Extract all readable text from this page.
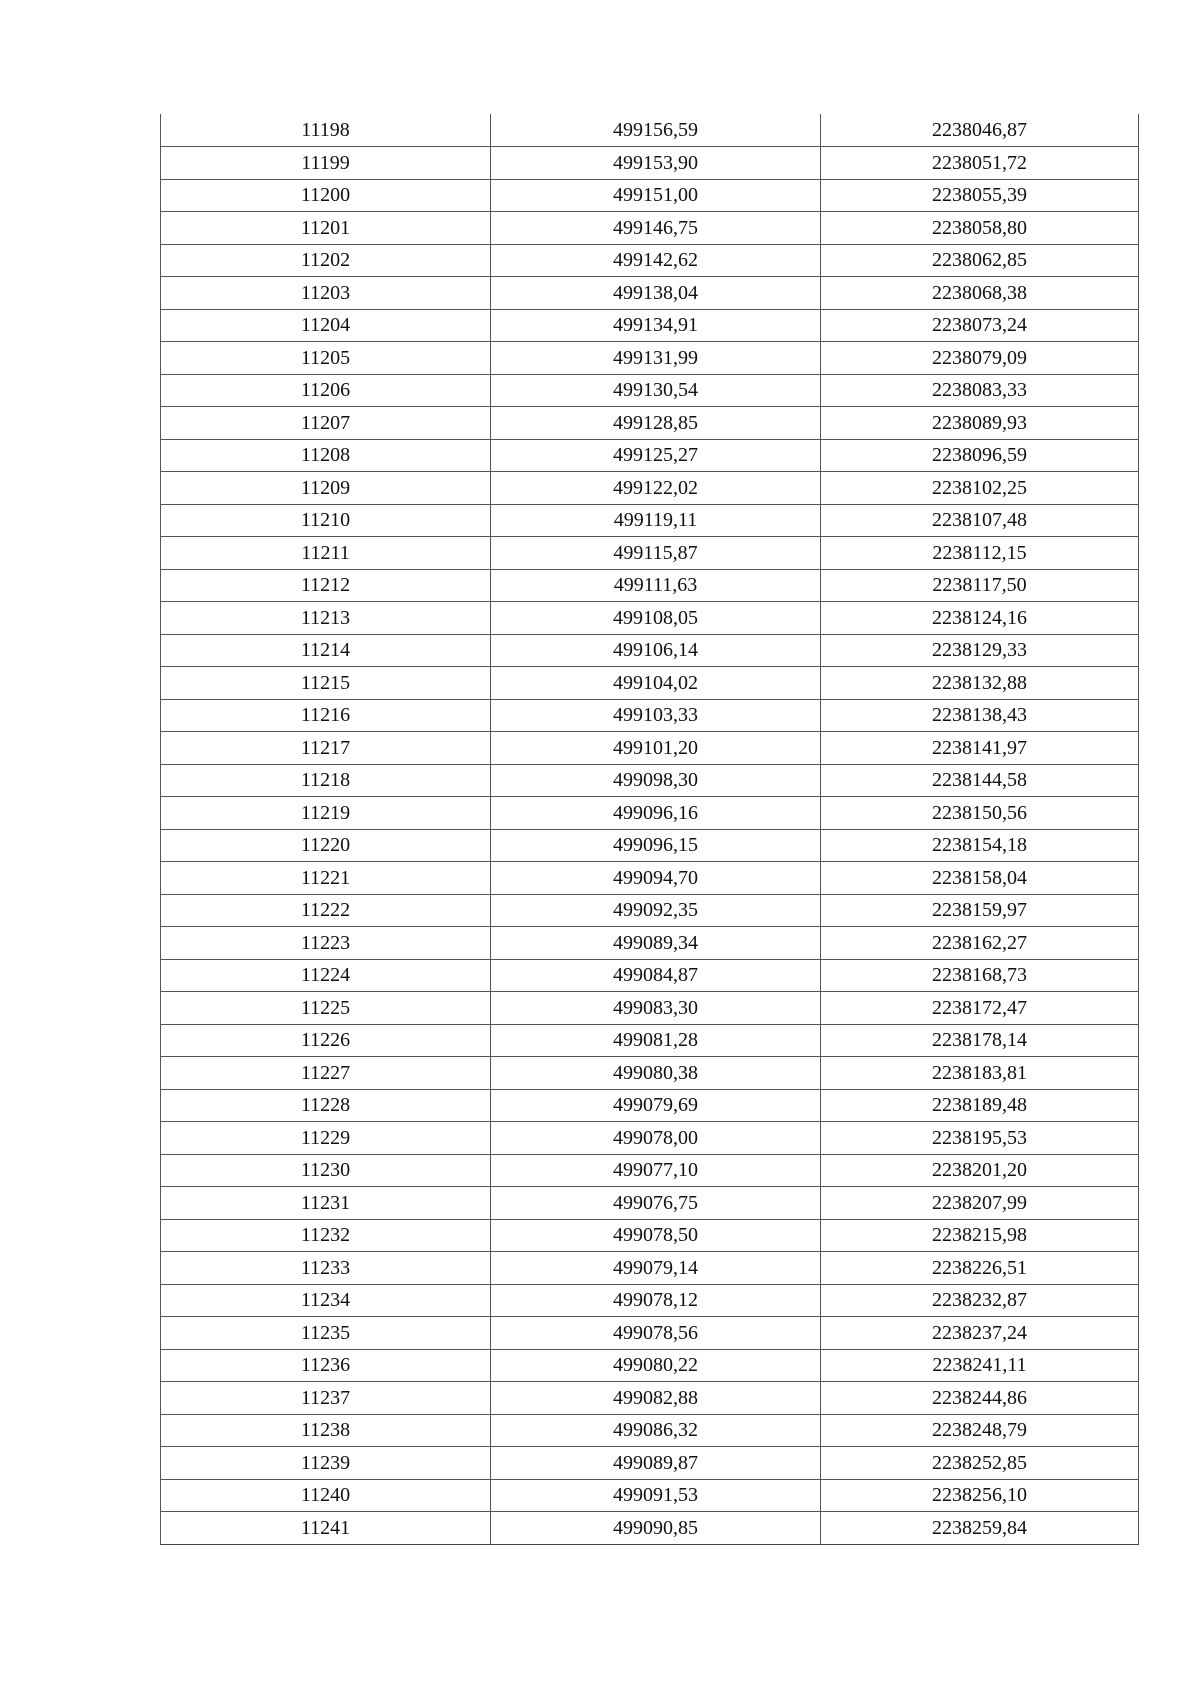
11198	499156,59	2238046,87
11199	499153,90	2238051,72
11200	499151,00	2238055,39
11201	499146,75	2238058,80
11202	499142,62	2238062,85
11203	499138,04	2238068,38
11204	499134,91	2238073,24
11205	499131,99	2238079,09
11206	499130,54	2238083,33
11207	499128,85	2238089,93
11208	499125,27	2238096,59
11209	499122,02	2238102,25
11210	499119,11	2238107,48
11211	499115,87	2238112,15
11212	499111,63	2238117,50
11213	499108,05	2238124,16
11214	499106,14	2238129,33
11215	499104,02	2238132,88
11216	499103,33	2238138,43
11217	499101,20	2238141,97
11218	499098,30	2238144,58
11219	499096,16	2238150,56
11220	499096,15	2238154,18
11221	499094,70	2238158,04
11222	499092,35	2238159,97
11223	499089,34	2238162,27
11224	499084,87	2238168,73
11225	499083,30	2238172,47
11226	499081,28	2238178,14
11227	499080,38	2238183,81
11228	499079,69	2238189,48
11229	499078,00	2238195,53
11230	499077,10	2238201,20
11231	499076,75	2238207,99
11232	499078,50	2238215,98
11233	499079,14	2238226,51
11234	499078,12	2238232,87
11235	499078,56	2238237,24
11236	499080,22	2238241,11
11237	499082,88	2238244,86
11238	499086,32	2238248,79
11239	499089,87	2238252,85
11240	499091,53	2238256,10
11241	499090,85	2238259,84
